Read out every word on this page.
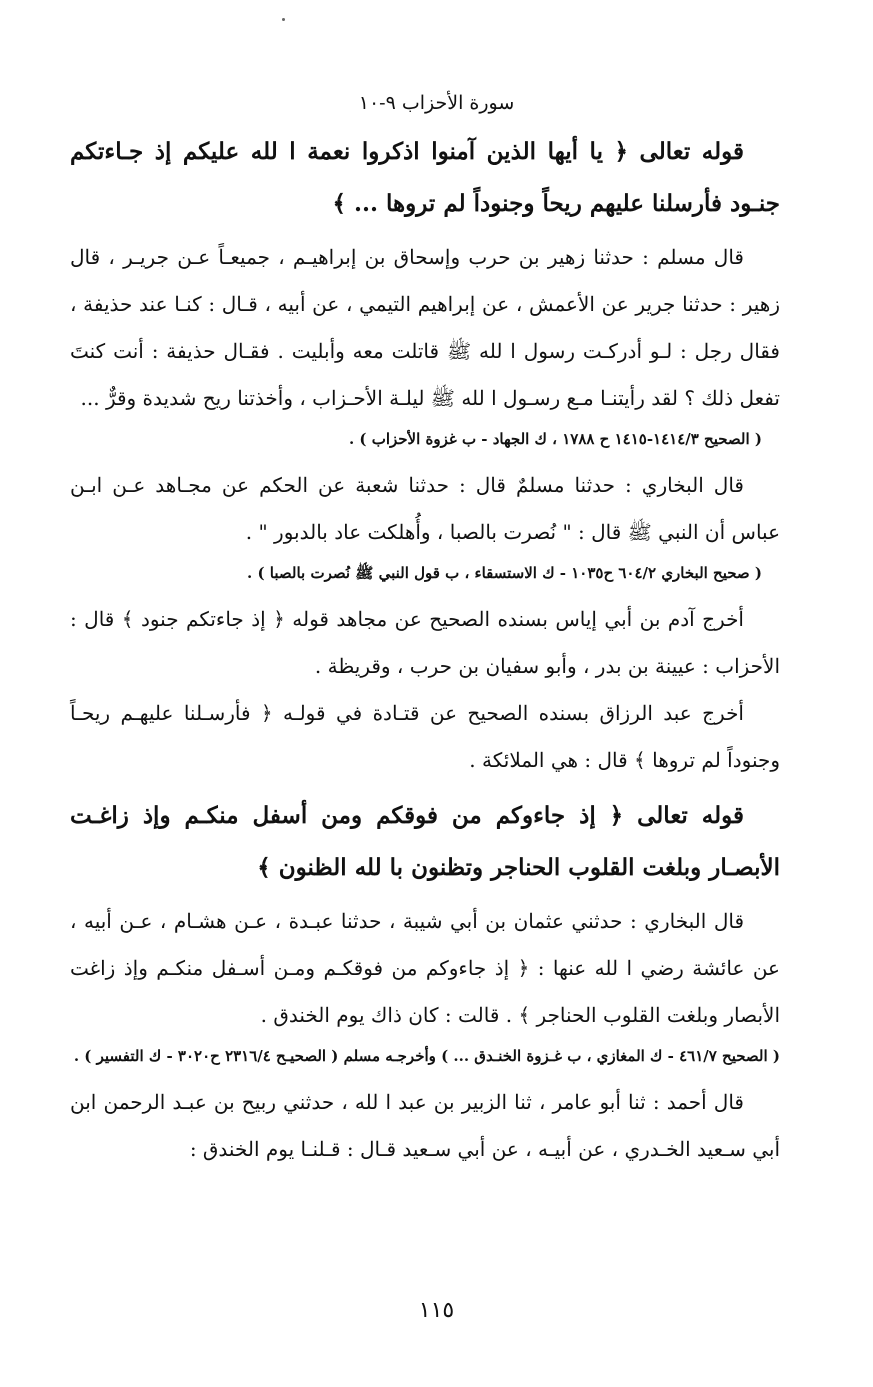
سورة الأحزاب ٩-١٠
قوله تعالى ﴿ يا أيها الذين آمنوا اذكروا نعمة ا لله عليكم إذ جـاءتكم جنـود فأرسلنا عليهم ريحاً وجنوداً لم تروها ... ﴾

قال مسلم : حدثنا زهير بن حرب وإسحاق بن إبراهيـم ، جميعـاً عـن جريـر ، قال زهير : حدثنا جرير عن الأعمش ، عن إبراهيم التيمي ، عن أبيه ، قـال : كنـا عند حذيفة ، فقال رجل : لـو أدركـت رسول ا لله ﷺ قاتلت معه وأبليت . فقـال حذيفة : أنت كنتَ تفعل ذلك ؟ لقد رأيتنـا مـع رسـول ا لله ﷺ ليلـة الأحـزاب ، وأخذتنا ريح شديدة وقرٌّ ...

( الصحيح ١٤١٤/٣-١٤١٥ ح ١٧٨٨ ، ك الجهاد - ب غزوة الأحزاب ) .

قال البخاري : حدثنا مسلمٌ قال : حدثنا شعبة عن الحكم عن مجـاهد عـن ابـن عباس أن النبي ﷺ قال : " نُصرت بالصبا ، وأُهلكت عاد بالدبور " .

( صحيح البخاري ٦٠٤/٢ ح١٠٣٥ - ك الاستسقاء ، ب قول النبي ﷺ نُصرت بالصبا ) .

أخرج آدم بن أبي إياس بسنده الصحيح عن مجاهد قوله ﴿ إذ جاءتكم جنود ﴾ قال : الأحزاب : عيينة بن بدر ، وأبو سفيان بن حرب ، وقريظة .

أخرج عبد الرزاق بسنده الصحيح عن قتـادة في قولـه ﴿ فأرسـلنا عليهـم ريحـاً وجنوداً لم تروها ﴾ قال : هي الملائكة .

قوله تعالى ﴿ إذ جاءوكم من فوقكم ومن أسفل منكـم وإذ زاغـت الأبصـار وبلغت القلوب الحناجر وتظنون با لله الظنون ﴾

قال البخاري : حدثني عثمان بن أبي شيبة ، حدثنا عبـدة ، عـن هشـام ، عـن أبيه ، عن عائشة رضي ا لله عنها : ﴿ إذ جاءوكم من فوقكـم ومـن أسـفل منكـم وإذ زاغت الأبصار وبلغت القلوب الحناجر ﴾ . قالت : كان ذاك يوم الخندق .

( الصحيح ٤٦١/٧ - ك المغازي ، ب غـزوة الخنـدق ... ) وأخرجـه مسلم ( الصحيـح ٢٣١٦/٤ ح٣٠٢٠ - ك التفسير ) .

قال أحمد : ثنا أبو عامر ، ثنا الزبير بن عبد ا لله ، حدثني ربيح بن عبـد الرحمن ابن أبي سـعيد الخـدري ، عن أبيـه ، عن أبي سـعيد قـال : قـلنـا يوم الخندق :

١١٥
